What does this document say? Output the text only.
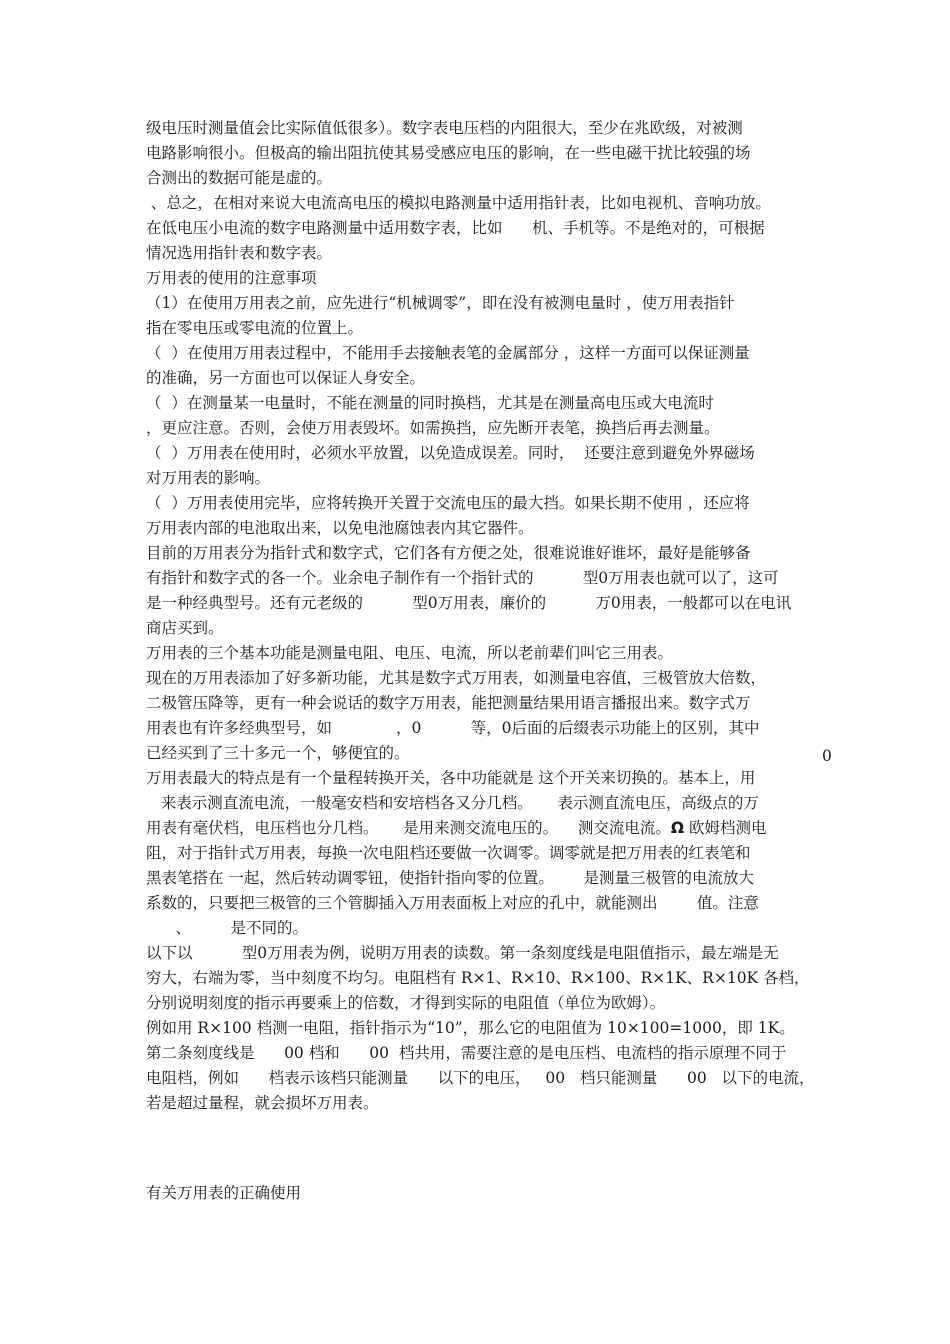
级电压时测量值会比实际值低很多）。数字表电压档的内阻很大，至少在兆欧级，对被测
电路影响很小。但极高的输出阻抗使其易受感应电压的影响，在一些电磁干扰比较强的场
合测出的数据可能是虚的。
、总之，在相对来说大电流高电压的模拟电路测量中适用指针表，比如电视机、音响功放。
在低电压小电流的数字电路测量中适用数字表，比如      机、手机等。不是绝对的，可根据
情况选用指针表和数字表。
万用表的使用的注意事项
（1）在使用万用表之前，应先进行“机械调零”，即在没有被测电量时 ，使万用表指针
指在零电压或零电流的位置上。
（  ）在使用万用表过程中，不能用手去接触表笔的金属部分 ，这样一方面可以保证测量
的准确，另一方面也可以保证人身安全。
（  ）在测量某一电量时，不能在测量的同时换档，尤其是在测量高电压或大电流时
，更应注意。否则，会使万用表毁坏。如需换挡，应先断开表笔，换挡后再去测量。
（  ）万用表在使用时，必须水平放置，以免造成误差。同时，  还要注意到避免外界磁场
对万用表的影响。
（  ）万用表使用完毕，应将转换开关置于交流电压的最大挡。如果长期不使用 ，还应将
万用表内部的电池取出来，以免电池腐蚀表内其它器件。
目前的万用表分为指针式和数字式，它们各有方便之处，很难说谁好谁坏，最好是能够备
有指针和数字式的各一个。业余电子制作有一个指针式的          型0万用表也就可以了，这可
是一种经典型号。还有元老级的          型0万用表，廉价的          万0用表，一般都可以在电讯
商店买到。
万用表的三个基本功能是测量电阻、电压、电流，所以老前辈们叫它三用表。
现在的万用表添加了好多新功能，尤其是数字式万用表，如测量电容值，三极管放大倍数，
二极管压降等，更有一种会说话的数字万用表，能把测量结果用语言播报出来。数字式万
用表也有许多经典型号，如             ，0          等，0后面的后缀表示功能上的区别，其中
0
已经买到了三十多元一个，够便宜的。
万用表最大的特点是有一个量程转换开关，各中功能就是 这个开关来切换的。基本上，用
来表示测直流电流，一般毫安档和安培档各又分几档。     表示测直流电压，高级点的万
用表有毫伏档，电压档也分几档。     是用来测交流电压的。    测交流电流。Ω 欧姆档测电
阻，对于指针式万用表，每换一次电阻档还要做一次调零。调零就是把万用表的红表笔和
黑表笔搭在 一起，然后转动调零钮，使指针指向零的位置。      是测量三极管的电流放大
系数的，只要把三极管的三个管脚插入万用表面板上对应的孔中，就能测出        值。注意
、        是不同的。
以下以          型0万用表为例，说明万用表的读数。第一条刻度线是电阻值指示，最左端是无
穷大，右端为零，当中刻度不均匀。电阻档有 R×1、R×10、R×100、R×1K、R×10K 各档，
分别说明刻度的指示再要乘上的倍数，才得到实际的电阻值（单位为欧姆）。
例如用 R×100 档测一电阻，指针指示为“10”，那么它的电阻值为 10×100=1000，即 1K。
第二条刻度线是      00 档和      00  档共用，需要注意的是电压档、电流档的指示原理不同于
电阻档，例如      档表示该档只能测量      以下的电压，   00   档只能测量      00   以下的电流，
若是超过量程，就会损坏万用表。
有关万用表的正确使用
